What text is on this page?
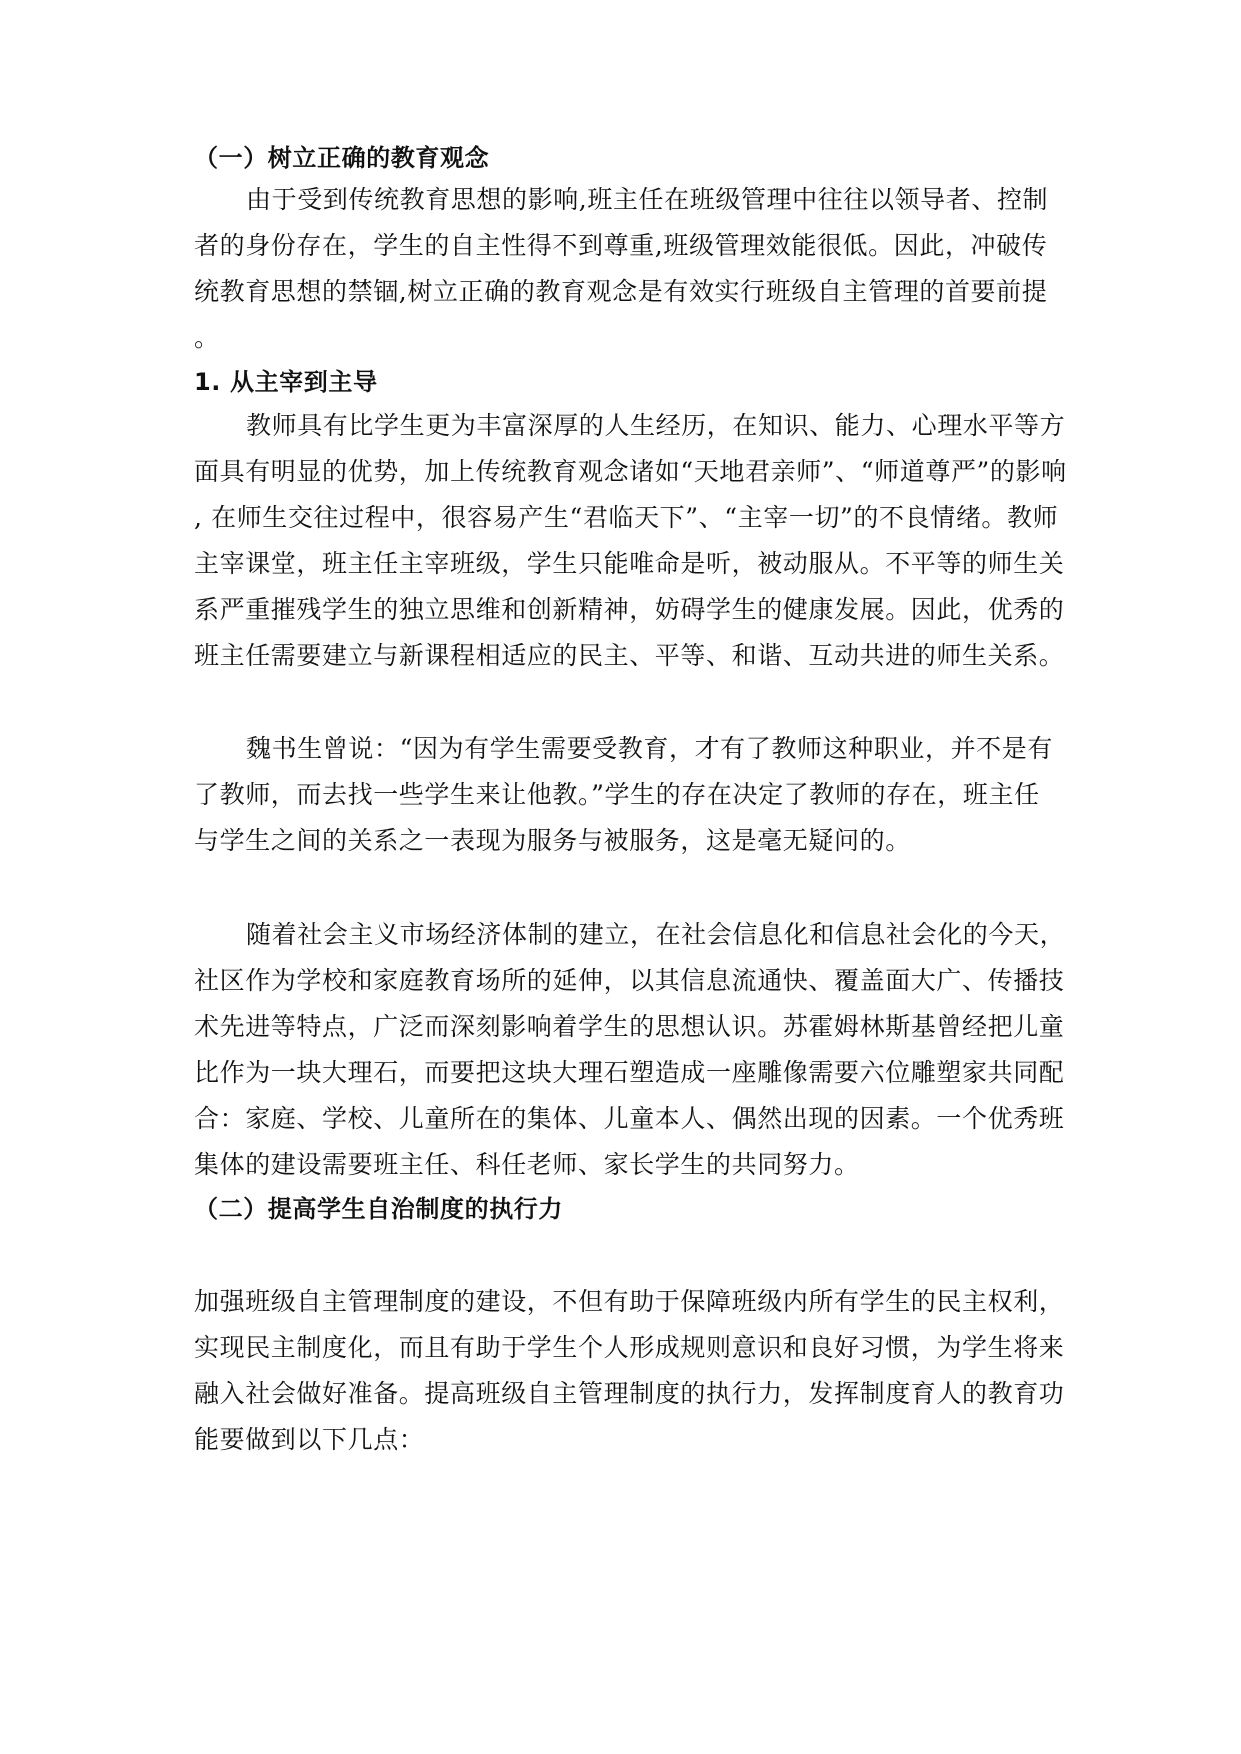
（一）树立正确的教育观念
由于受到传统教育思想的影响,班主任在班级管理中往往以领导者、控制
者的身份存在，学生的自主性得不到尊重,班级管理效能很低。因此，冲破传
统教育思想的禁锢,树立正确的教育观念是有效实行班级自主管理的首要前提
。
1. 从主宰到主导
教师具有比学生更为丰富深厚的人生经历，在知识、能力、心理水平等方
面具有明显的优势，加上传统教育观念诸如“天地君亲师”、“师道尊严”的影响
, 在师生交往过程中，很容易产生“君临天下”、“主宰一切”的不良情绪。教师
主宰课堂，班主任主宰班级，学生只能唯命是听，被动服从。不平等的师生关
系严重摧残学生的独立思维和创新精神，妨碍学生的健康发展。因此，优秀的
班主任需要建立与新课程相适应的民主、平等、和谐、互动共进的师生关系。
魏书生曾说：“因为有学生需要受教育，才有了教师这种职业，并不是有
了教师，而去找一些学生来让他教。”学生的存在决定了教师的存在，班主任
与学生之间的关系之一表现为服务与被服务，这是毫无疑问的。
随着社会主义市场经济体制的建立，在社会信息化和信息社会化的今天，
社区作为学校和家庭教育场所的延伸，以其信息流通快、覆盖面大广、传播技
术先进等特点，广泛而深刻影响着学生的思想认识。苏霍姆林斯基曾经把儿童
比作为一块大理石，而要把这块大理石塑造成一座雕像需要六位雕塑家共同配
合：家庭、学校、儿童所在的集体、儿童本人、偶然出现的因素。一个优秀班
集体的建设需要班主任、科任老师、家长学生的共同努力。
（二）提高学生自治制度的执行力
加强班级自主管理制度的建设，不但有助于保障班级内所有学生的民主权利，
实现民主制度化，而且有助于学生个人形成规则意识和良好习惯，为学生将来
融入社会做好准备。提高班级自主管理制度的执行力，发挥制度育人的教育功
能要做到以下几点：
